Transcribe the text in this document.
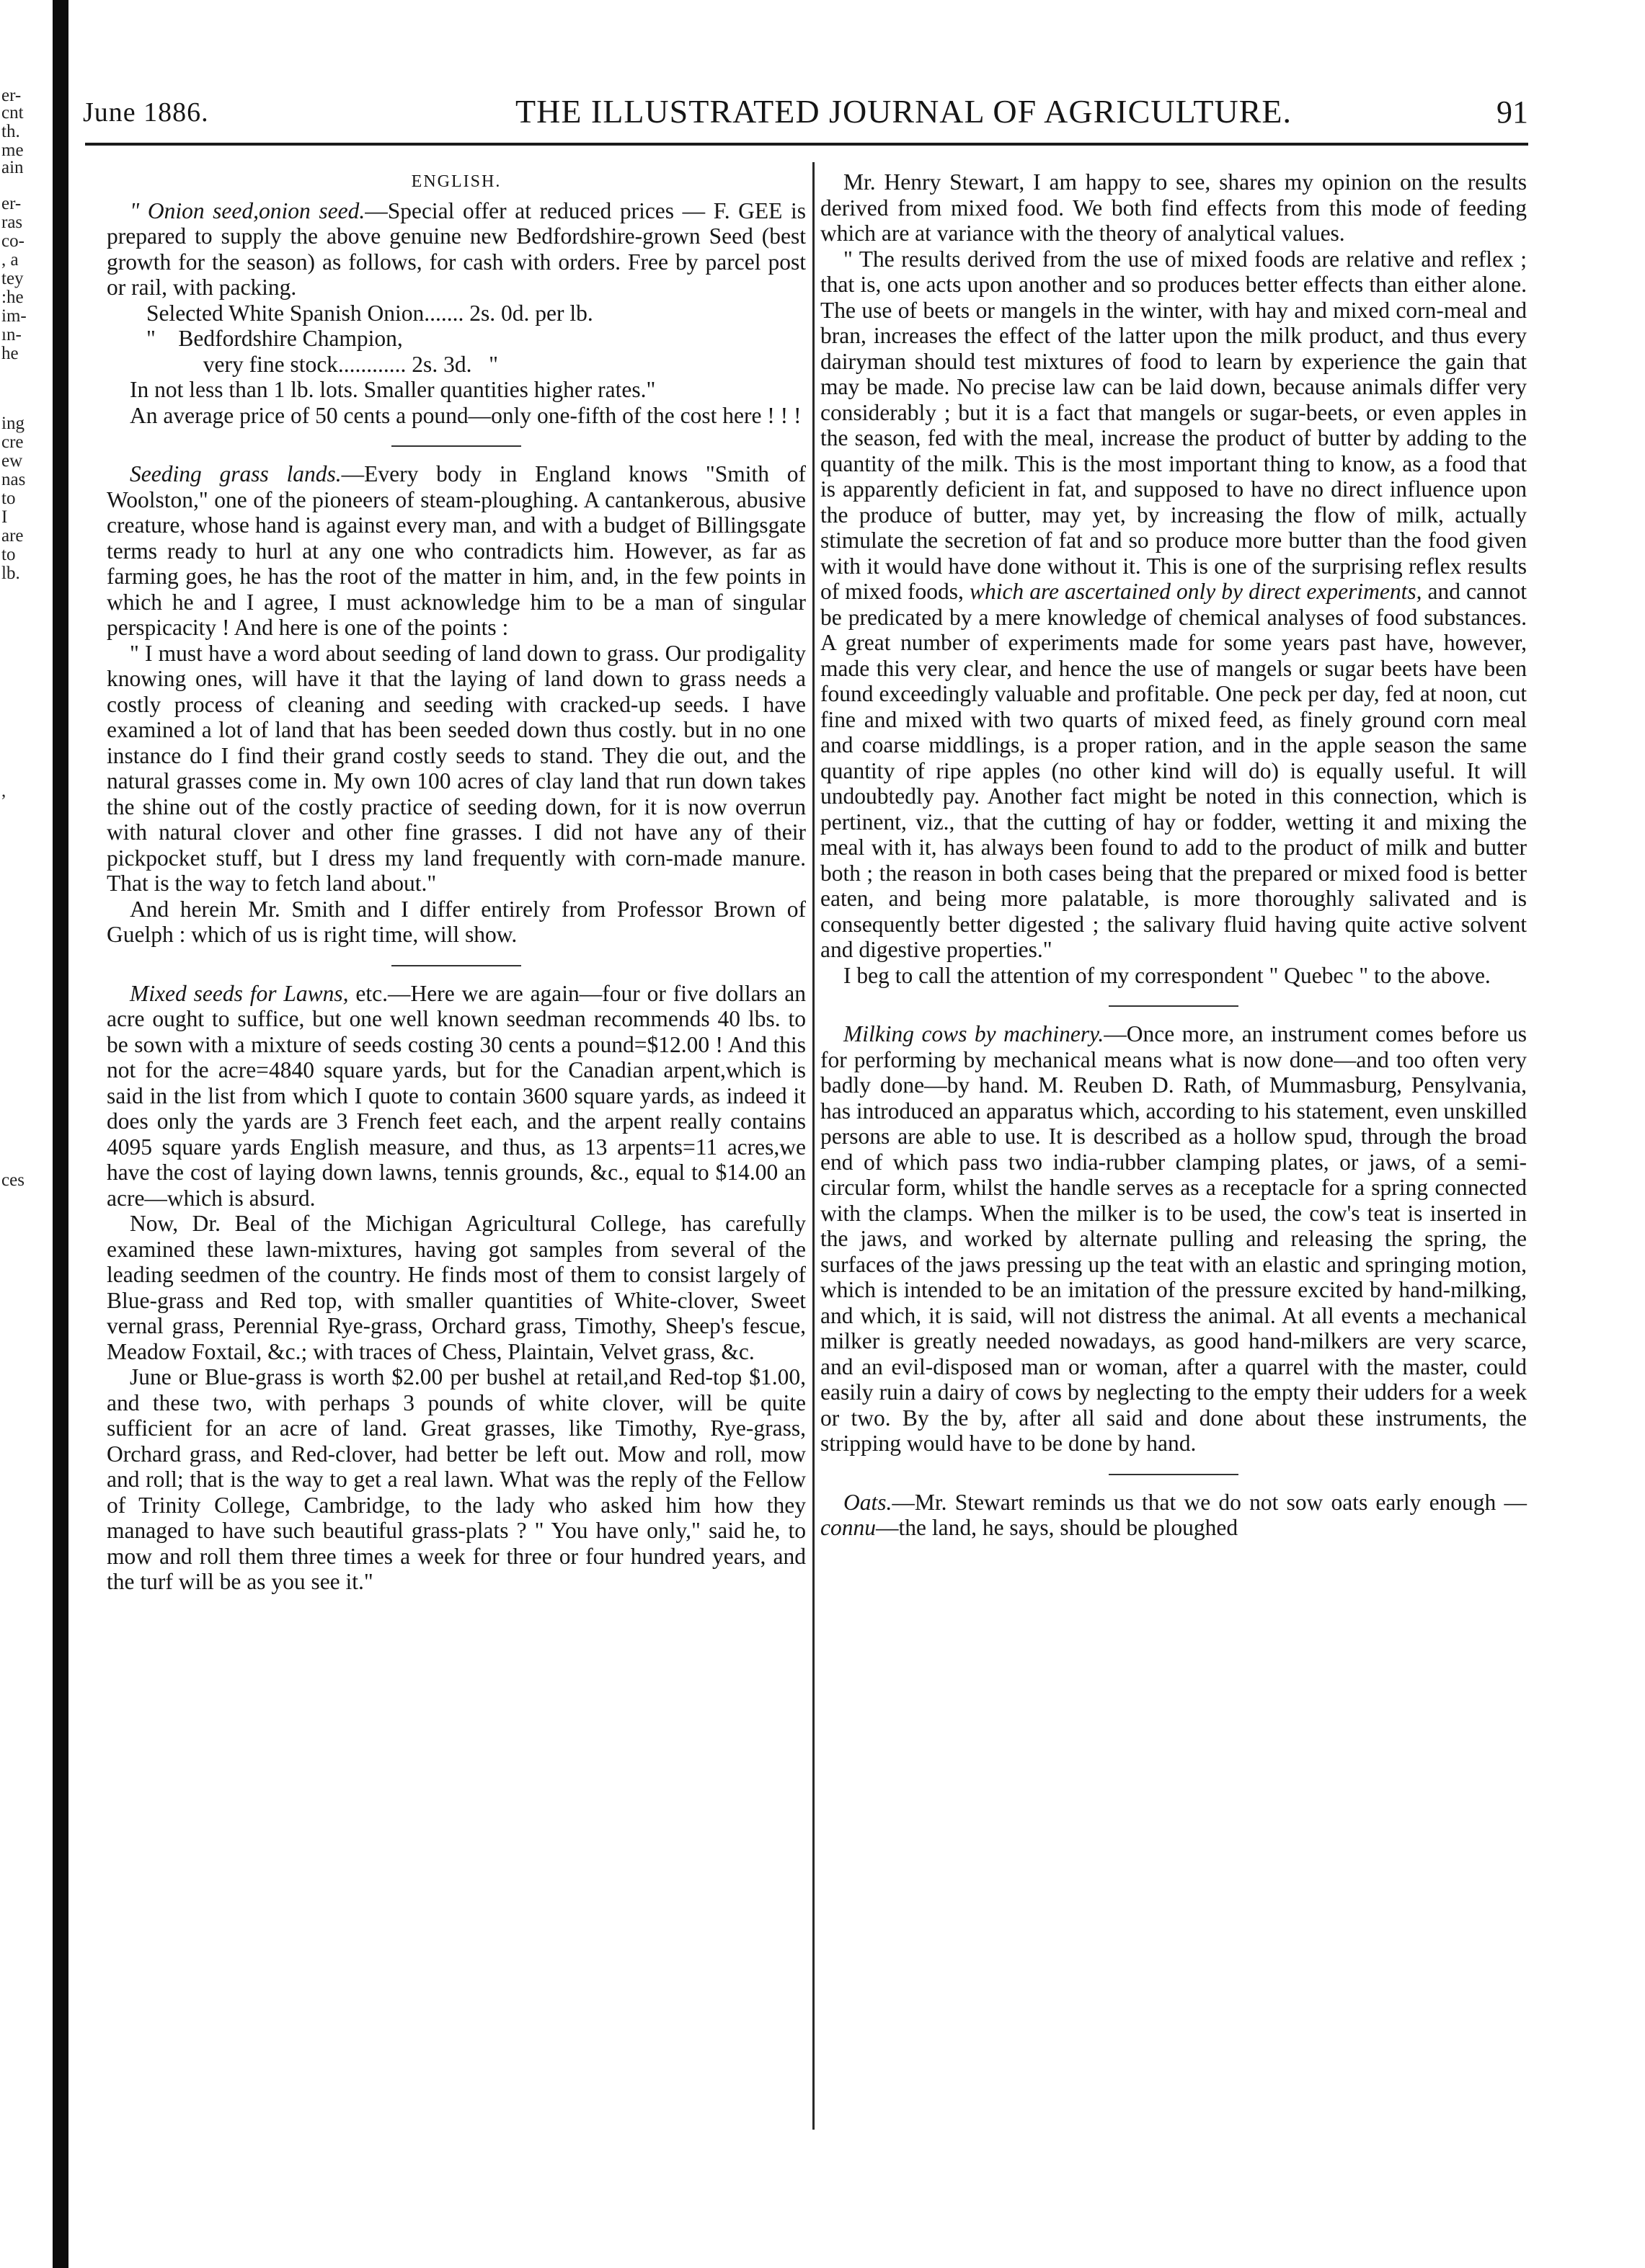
er-
cnt
th.
me
ain
er-
ras
co-
, a
tey
:he
im-
ın-
he
ing
cre
ew
nas
to
I
are
to
lb.
,
ces
June 1886.	THE ILLUSTRATED JOURNAL OF AGRICULTURE.	91

ENGLISH.

" Onion seed,onion seed.—Special offer at reduced prices — F. GEE is prepared to supply the above genuine new Bedfordshire-grown Seed (best growth for the season) as follows, for cash with orders. Free by parcel post or rail, with packing.

Selected White Spanish Onion....... 2s. 0d. per lb.

"    Bedfordshire Champion,

very fine stock............ 2s. 3d.   "

In not less than 1 lb. lots. Smaller quantities higher rates."

An average price of 50 cents a pound—only one-fifth of the cost here ! ! !

Seeding grass lands.—Every body in England knows "Smith of Woolston," one of the pioneers of steam-ploughing. A cantankerous, abusive creature, whose hand is against every man, and with a budget of Billingsgate terms ready to hurl at any one who contradicts him. However, as far as farming goes, he has the root of the matter in him, and, in the few points in which he and I agree, I must acknowledge him to be a man of singular perspicacity ! And here is one of the points :

" I must have a word about seeding of land down to grass. Our prodigality knowing ones, will have it that the laying of land down to grass needs a costly process of cleaning and seeding with cracked-up seeds. I have examined a lot of land that has been seeded down thus costly. but in no one instance do I find their grand costly seeds to stand. They die out, and the natural grasses come in. My own 100 acres of clay land that run down takes the shine out of the costly practice of seeding down, for it is now overrun with natural clover and other fine grasses. I did not have any of their pickpocket stuff, but I dress my land frequently with corn-made manure. That is the way to fetch land about."

And herein Mr. Smith and I differ entirely from Professor Brown of Guelph : which of us is right time, will show.

Mixed seeds for Lawns, etc.—Here we are again—four or five dollars an acre ought to suffice, but one well known seedman recommends 40 lbs. to be sown with a mixture of seeds costing 30 cents a pound=$12.00 ! And this not for the acre=4840 square yards, but for the Canadian arpent,which is said in the list from which I quote to contain 3600 square yards, as indeed it does only the yards are 3 French feet each, and the arpent really contains 4095 square yards English measure, and thus, as 13 arpents=11 acres,we have the cost of laying down lawns, tennis grounds, &c., equal to $14.00 an acre—which is absurd.

Now, Dr. Beal of the Michigan Agricultural College, has carefully examined these lawn-mixtures, having got samples from several of the leading seedmen of the country. He finds most of them to consist largely of Blue-grass and Red top, with smaller quantities of White-clover, Sweet vernal grass, Perennial Rye-grass, Orchard grass, Timothy, Sheep's fescue, Meadow Foxtail, &c.; with traces of Chess, Plaintain, Velvet grass, &c.

June or Blue-grass is worth $2.00 per bushel at retail,and Red-top $1.00, and these two, with perhaps 3 pounds of white clover, will be quite sufficient for an acre of land. Great grasses, like Timothy, Rye-grass, Orchard grass, and Red-clover, had better be left out. Mow and roll, mow and roll; that is the way to get a real lawn. What was the reply of the Fellow of Trinity College, Cambridge, to the lady who asked him how they managed to have such beautiful grass-plats ? " You have only," said he, to mow and roll them three times a week for three or four hundred years, and the turf will be as you see it."

Mr. Henry Stewart, I am happy to see, shares my opinion on the results derived from mixed food. We both find effects from this mode of feeding which are at variance with the theory of analytical values.

" The results derived from the use of mixed foods are relative and reflex ; that is, one acts upon another and so produces better effects than either alone. The use of beets or mangels in the winter, with hay and mixed corn-meal and bran, increases the effect of the latter upon the milk product, and thus every dairyman should test mixtures of food to learn by experience the gain that may be made. No precise law can be laid down, because animals differ very considerably ; but it is a fact that mangels or sugar-beets, or even apples in the season, fed with the meal, increase the product of butter by adding to the quantity of the milk. This is the most important thing to know, as a food that is apparently deficient in fat, and supposed to have no direct influence upon the produce of butter, may yet, by increasing the flow of milk, actually stimulate the secretion of fat and so produce more butter than the food given with it would have done without it. This is one of the surprising reflex results of mixed foods, which are ascertained only by direct experiments, and cannot be predicated by a mere knowledge of chemical analyses of food substances. A great number of experiments made for some years past have, however, made this very clear, and hence the use of mangels or sugar beets have been found exceedingly valuable and profitable. One peck per day, fed at noon, cut fine and mixed with two quarts of mixed feed, as finely ground corn meal and coarse middlings, is a proper ration, and in the apple season the same quantity of ripe apples (no other kind will do) is equally useful. It will undoubtedly pay. Another fact might be noted in this connection, which is pertinent, viz., that the cutting of hay or fodder, wetting it and mixing the meal with it, has always been found to add to the product of milk and butter both ; the reason in both cases being that the prepared or mixed food is better eaten, and being more palatable, is more thoroughly salivated and is consequently better digested ; the salivary fluid having quite active solvent and digestive properties."

I beg to call the attention of my correspondent " Quebec " to the above.

Milking cows by machinery.—Once more, an instrument comes before us for performing by mechanical means what is now done—and too often very badly done—by hand. M. Reuben D. Rath, of Mummasburg, Pensylvania, has introduced an apparatus which, according to his statement, even unskilled persons are able to use. It is described as a hollow spud, through the broad end of which pass two india-rubber clamping plates, or jaws, of a semi-circular form, whilst the handle serves as a receptacle for a spring connected with the clamps. When the milker is to be used, the cow's teat is inserted in the jaws, and worked by alternate pulling and releasing the spring, the surfaces of the jaws pressing up the teat with an elastic and springing motion, which is intended to be an imitation of the pressure excited by hand-milking, and which, it is said, will not distress the animal. At all events a mechanical milker is greatly needed nowadays, as good hand-milkers are very scarce, and an evil-disposed man or woman, after a quarrel with the master, could easily ruin a dairy of cows by neglecting to the empty their udders for a week or two. By the by, after all said and done about these instruments, the stripping would have to be done by hand.

Oats.—Mr. Stewart reminds us that we do not sow oats early enough —connu—the land, he says, should be ploughed
